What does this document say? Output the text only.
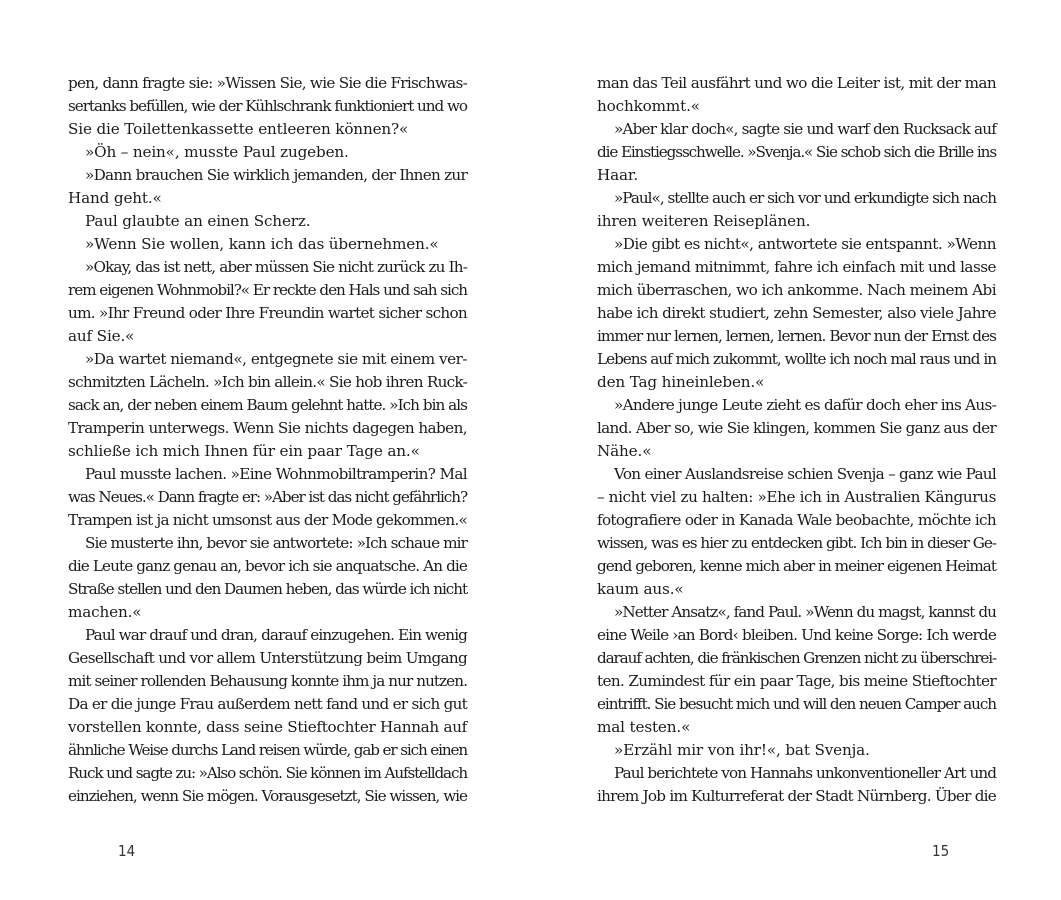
pen, dann fragte sie: »Wissen Sie, wie Sie die Frischwas-
sertanks befüllen, wie der Kühlschrank funktioniert und wo
Sie die Toilettenkassette entleeren können?«
»Öh – nein«, musste Paul zugeben.
»Dann brauchen Sie wirklich jemanden, der Ihnen zur
Hand geht.«
Paul glaubte an einen Scherz.
»Wenn Sie wollen, kann ich das übernehmen.«
»Okay, das ist nett, aber müssen Sie nicht zurück zu Ih-
rem eigenen Wohnmobil?« Er reckte den Hals und sah sich
um. »Ihr Freund oder Ihre Freundin wartet sicher schon
auf Sie.«
»Da wartet niemand«, entgegnete sie mit einem ver-
schmitzten Lächeln. »Ich bin allein.« Sie hob ihren Ruck-
sack an, der neben einem Baum gelehnt hatte. »Ich bin als
Tramperin unterwegs. Wenn Sie nichts dagegen haben,
schließe ich mich Ihnen für ein paar Tage an.«
Paul musste lachen. »Eine Wohnmobiltramperin? Mal
was Neues.« Dann fragte er: »Aber ist das nicht gefährlich?
Trampen ist ja nicht umsonst aus der Mode gekommen.«
Sie musterte ihn, bevor sie antwortete: »Ich schaue mir
die Leute ganz genau an, bevor ich sie anquatsche. An die
Straße stellen und den Daumen heben, das würde ich nicht
machen.«
Paul war drauf und dran, darauf einzugehen. Ein wenig
Gesellschaft und vor allem Unterstützung beim Umgang
mit seiner rollenden Behausung konnte ihm ja nur nutzen.
Da er die junge Frau außerdem nett fand und er sich gut
vorstellen konnte, dass seine Stieftochter Hannah auf
ähnliche Weise durchs Land reisen würde, gab er sich einen
Ruck und sagte zu: »Also schön. Sie können im Aufstelldach
einziehen, wenn Sie mögen. Vorausgesetzt, Sie wissen, wie
man das Teil ausfährt und wo die Leiter ist, mit der man
hochkommt.«
»Aber klar doch«, sagte sie und warf den Rucksack auf
die Einstiegsschwelle. »Svenja.« Sie schob sich die Brille ins
Haar.
»Paul«, stellte auch er sich vor und erkundigte sich nach
ihren weiteren Reiseplänen.
»Die gibt es nicht«, antwortete sie entspannt. »Wenn
mich jemand mitnimmt, fahre ich einfach mit und lasse
mich überraschen, wo ich ankomme. Nach meinem Abi
habe ich direkt studiert, zehn Semester, also viele Jahre
immer nur lernen, lernen, lernen. Bevor nun der Ernst des
Lebens auf mich zukommt, wollte ich noch mal raus und in
den Tag hineinleben.«
»Andere junge Leute zieht es dafür doch eher ins Aus-
land. Aber so, wie Sie klingen, kommen Sie ganz aus der
Nähe.«
Von einer Auslandsreise schien Svenja – ganz wie Paul
– nicht viel zu halten: »Ehe ich in Australien Kängurus
fotografiere oder in Kanada Wale beobachte, möchte ich
wissen, was es hier zu entdecken gibt. Ich bin in dieser Ge-
gend geboren, kenne mich aber in meiner eigenen Heimat
kaum aus.«
»Netter Ansatz«, fand Paul. »Wenn du magst, kannst du
eine Weile ›an Bord‹ bleiben. Und keine Sorge: Ich werde
darauf achten, die fränkischen Grenzen nicht zu überschrei-
ten. Zumindest für ein paar Tage, bis meine Stieftochter
eintrifft. Sie besucht mich und will den neuen Camper auch
mal testen.«
»Erzähl mir von ihr!«, bat Svenja.
Paul berichtete von Hannahs unkonventioneller Art und
ihrem Job im Kulturreferat der Stadt Nürnberg. Über die
14	15
